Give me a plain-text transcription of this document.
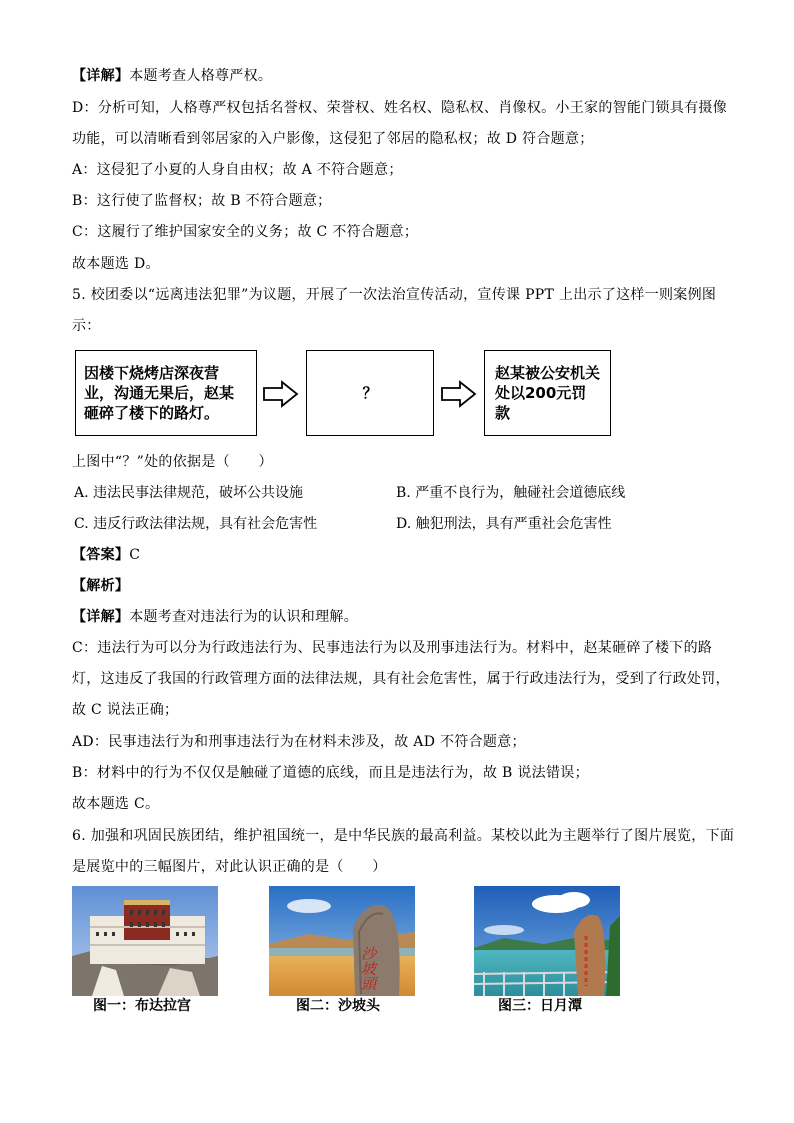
【详解】本题考查人格尊严权。
D：分析可知，人格尊严权包括名誉权、荣誉权、姓名权、隐私权、肖像权。小王家的智能门锁具有摄像
功能，可以清晰看到邻居家的入户影像，这侵犯了邻居的隐私权；故 D 符合题意；
A：这侵犯了小夏的人身自由权；故 A 不符合题意；
B：这行使了监督权；故 B 不符合题意；
C：这履行了维护国家安全的义务；故 C 不符合题意；
故本题选 D。
5. 校团委以“远离违法犯罪”为议题，开展了一次法治宣传活动，宣传课 PPT 上出示了这样一则案例图
示：
因楼下烧烤店深夜营业，沟通无果后，赵某砸碎了楼下的路灯。
？
赵某被公安机关处以200元罚款
上图中“？”处的依据是（　　）
A. 违法民事法律规范，破坏公共设施	B. 严重不良行为，触碰社会道德底线
C. 违反行政法律法规，具有社会危害性	D. 触犯刑法，具有严重社会危害性
【答案】C
【解析】
【详解】本题考查对违法行为的认识和理解。
C：违法行为可以分为行政违法行为、民事违法行为以及刑事违法行为。材料中，赵某砸碎了楼下的路
灯，这违反了我国的行政管理方面的法律法规，具有社会危害性，属于行政违法行为，受到了行政处罚，
故 C 说法正确；
AD：民事违法行为和刑事违法行为在材料未涉及，故 AD 不符合题意；
B：材料中的行为不仅仅是触碰了道德的底线，而且是违法行为，故 B 说法错误；
故本题选 C。
6. 加强和巩固民族团结，维护祖国统一，是中华民族的最高利益。某校以此为主题举行了图片展览，下面
是展览中的三幅图片，对此认识正确的是（　　）
图一：布达拉宫
沙坡頭
图二：沙坡头	图三：日月潭
